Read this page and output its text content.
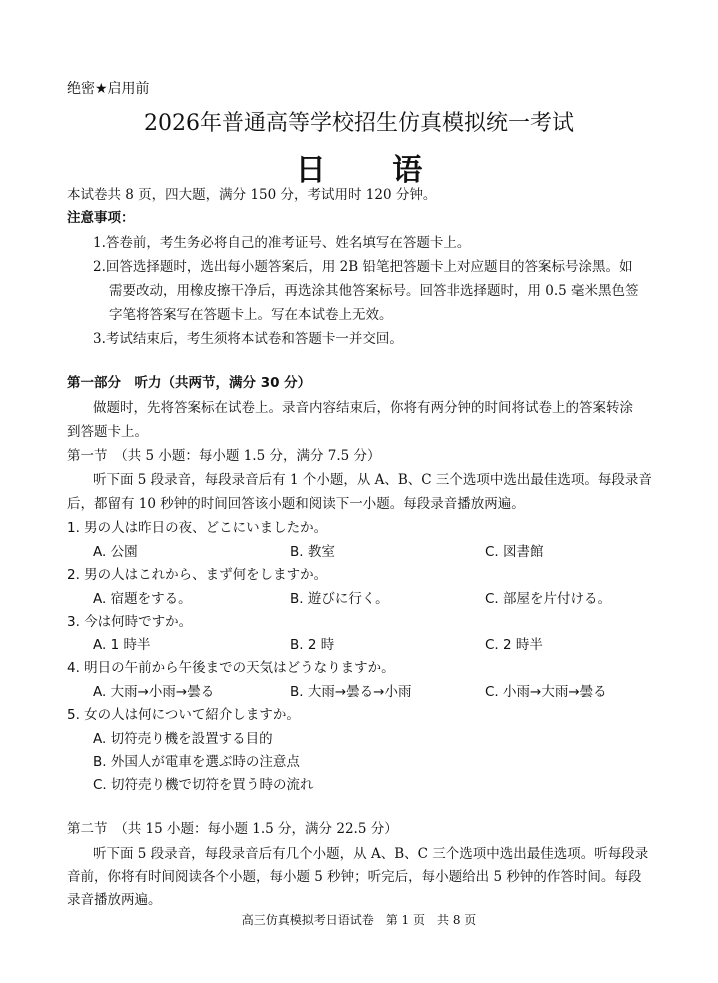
绝密★启用前
2026年普通高等学校招生仿真模拟统一考试
日 语
本试卷共 8 页，四大题，满分 150 分，考试用时 120 分钟。
注意事项：
1.答卷前，考生务必将自己的准考证号、姓名填写在答题卡上。
2.回答选择题时，选出每小题答案后，用 2B 铅笔把答题卡上对应题目的答案标号涂黑。如
需要改动，用橡皮擦干净后，再选涂其他答案标号。回答非选择题时，用 0.5 毫米黑色签
字笔将答案写在答题卡上。写在本试卷上无效。
3.考试结束后，考生须将本试卷和答题卡一并交回。
第一部分　听力（共两节，满分 30 分）
做题时，先将答案标在试卷上。录音内容结束后，你将有两分钟的时间将试卷上的答案转涂
到答题卡上。
第一节　（共 5 小题：每小题 1.5 分，满分 7.5 分）
听下面 5 段录音，每段录音后有 1 个小题，从 A、B、C 三个选项中选出最佳选项。每段录音
后，都留有 10 秒钟的时间回答该小题和阅读下一小题。每段录音播放两遍。
1. 男の人は昨日の夜、どこにいましたか。
A. 公園	B. 教室	C. 図書館
2. 男の人はこれから、まず何をしますか。
A. 宿題をする。	B. 遊びに行く。	C. 部屋を片付ける。
3. 今は何時ですか。
A. 1 時半	B. 2 時	C. 2 時半
4. 明日の午前から午後までの天気はどうなりますか。
A. 大雨→小雨→曇る	B. 大雨→曇る→小雨	C. 小雨→大雨→曇る
5. 女の人は何について紹介しますか。
A. 切符売り機を設置する目的
B. 外国人が電車を選ぶ時の注意点
C. 切符売り機で切符を買う時の流れ
第二节　（共 15 小题：每小题 1.5 分，满分 22.5 分）
听下面 5 段录音，每段录音后有几个小题，从 A、B、C 三个选项中选出最佳选项。听每段录
音前，你将有时间阅读各个小题，每小题 5 秒钟；听完后，每小题给出 5 秒钟的作答时间。每段
录音播放两遍。
高三仿真模拟考日语试卷　第 1 页　共 8 页
